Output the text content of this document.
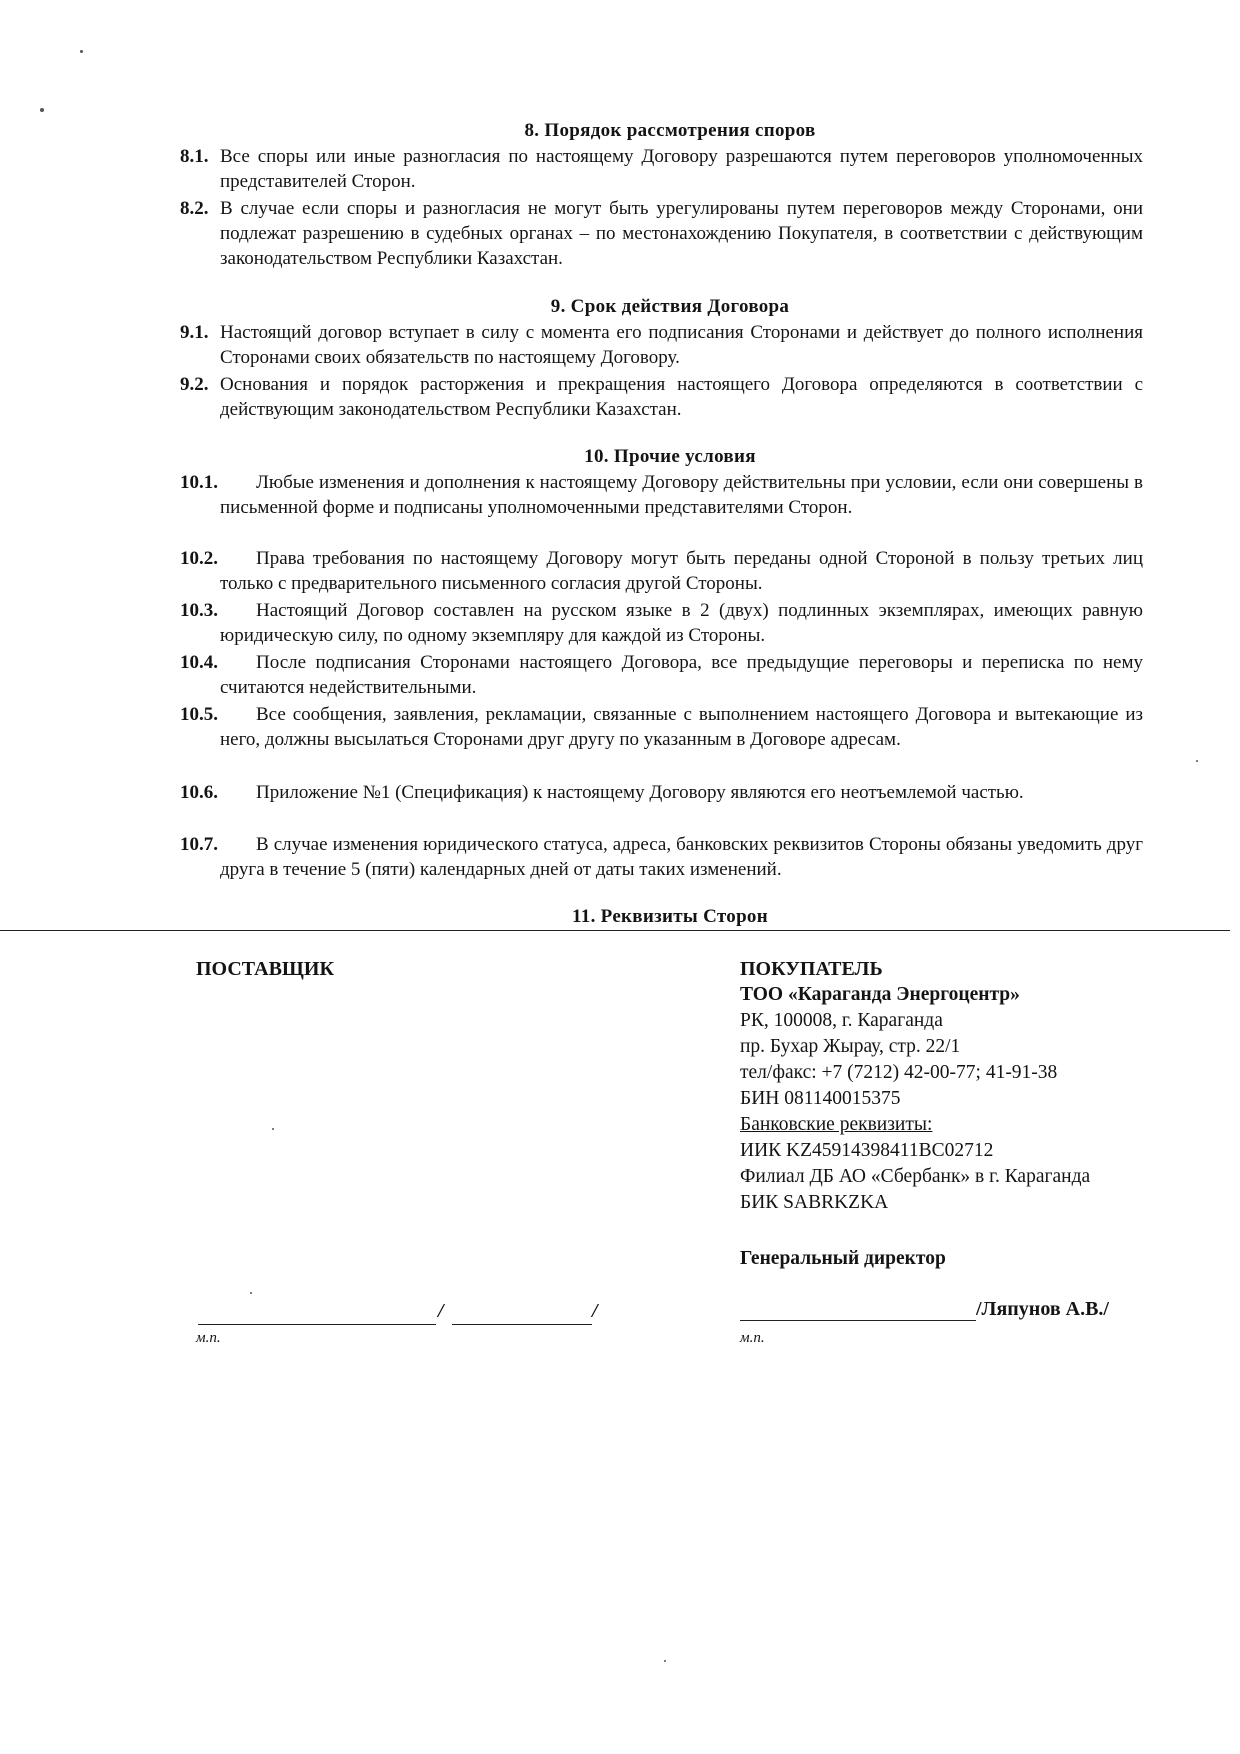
8. Порядок рассмотрения споров
8.1. Все споры или иные разногласия по настоящему Договору разрешаются путем переговоров уполномоченных представителей Сторон.
8.2. В случае если споры и разногласия не могут быть урегулированы путем переговоров между Сторонами, они подлежат разрешению в судебных органах – по местонахождению Покупателя, в соответствии с действующим законодательством Республики Казахстан.
9. Срок действия Договора
9.1. Настоящий договор вступает в силу с момента его подписания Сторонами и действует до полного исполнения Сторонами своих обязательств по настоящему Договору.
9.2. Основания и порядок расторжения и прекращения настоящего Договора определяются в соответствии с действующим законодательством Республики Казахстан.
10. Прочие условия
10.1.	Любые изменения и дополнения к настоящему Договору действительны при условии, если они совершены в письменной форме и подписаны уполномоченными представителями Сторон.
10.2.	Права требования по настоящему Договору могут быть переданы одной Стороной в пользу третьих лиц только с предварительного письменного согласия другой Стороны.
10.3.	Настоящий Договор составлен на русском языке в 2 (двух) подлинных экземплярах, имеющих равную юридическую силу, по одному экземпляру для каждой из Стороны.
10.4.	После подписания Сторонами настоящего Договора, все предыдущие переговоры и переписка по нему считаются недействительными.
10.5.	Все сообщения, заявления, рекламации, связанные с выполнением настоящего Договора и вытекающие из него, должны высылаться Сторонами друг другу по указанным в Договоре адресам.
10.6.	Приложение №1 (Спецификация) к настоящему Договору являются его неотъемлемой частью.
10.7.	В случае изменения юридического статуса, адреса, банковских реквизитов Стороны обязаны уведомить друг друга в течение 5 (пяти) календарных дней от даты таких изменений.
11. Реквизиты Сторон
ПОСТАВЩИК
/	/
м.п.
ПОКУПАТЕЛЬ
ТОО «Караганда Энергоцентр»
РК, 100008, г. Караганда
пр. Бухар Жырау, стр. 22/1
тел/факс: +7 (7212) 42-00-77; 41-91-38
БИН 081140015375
Банковские реквизиты:
ИИК KZ45914398411BC02712
Филиал ДБ АО «Сбербанк» в г. Караганда
БИК SABRKZKA
Генеральный директор
/Ляпунов А.В./
м.п.
